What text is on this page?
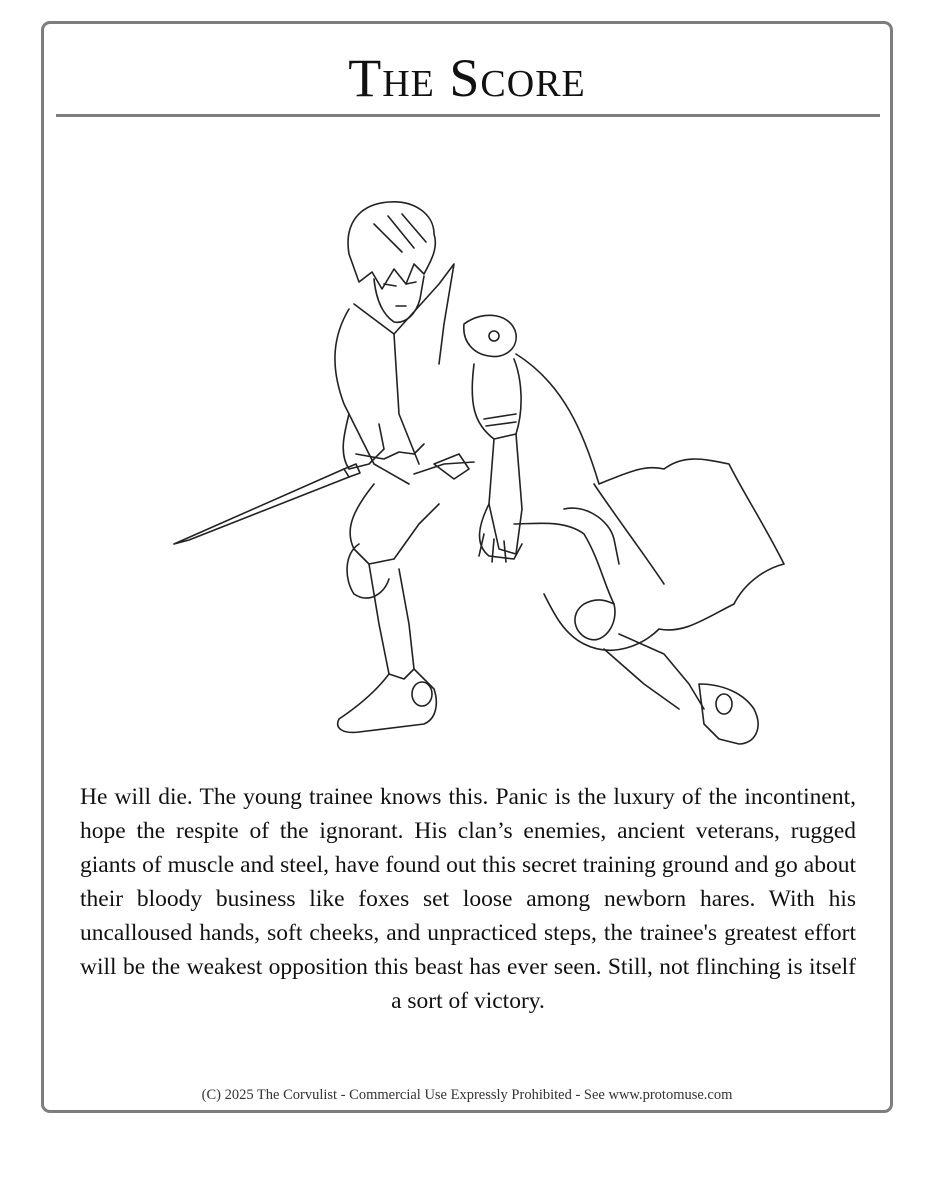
The Score
He will die. The young trainee knows this. Panic is the luxury of the incontinent, hope the respite of the ignorant. His clan’s enemies, ancient veterans, rugged giants of muscle and steel, have found out this secret training ground and go about their bloody business like foxes set loose among newborn hares. With his uncalloused hands, soft cheeks, and unpracticed steps, the trainee's greatest effort will be the weakest opposition this beast has ever seen. Still, not flinching is itself a sort of victory.
(C) 2025 The Corvulist - Commercial Use Expressly Prohibited - See www.protomuse.com
